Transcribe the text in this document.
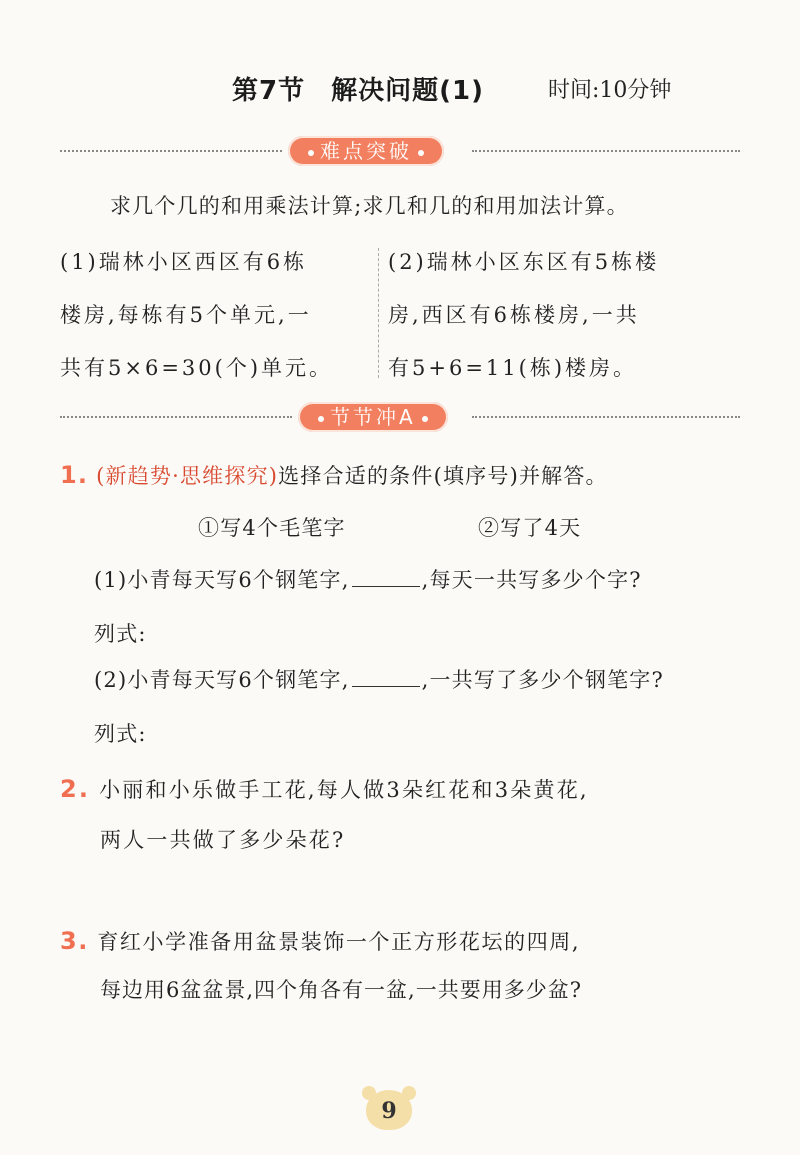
第7节 解决问题(1)	时间:10分钟
难点突破
求几个几的和用乘法计算;求几和几的和用加法计算。
(1)瑞林小区西区有6栋
楼房,每栋有5个单元,一
共有5×6=30(个)单元。
(2)瑞林小区东区有5栋楼
房,西区有6栋楼房,一共
有5+6=11(栋)楼房。
节节冲A
1. (新趋势·思维探究)选择合适的条件(填序号)并解答。
①写4个毛笔字	②写了4天
(1)小青每天写6个钢笔字,	,每天一共写多少个字?
列式:
(2)小青每天写6个钢笔字,	,一共写了多少个钢笔字?
列式:
2. 小丽和小乐做手工花,每人做3朵红花和3朵黄花,
两人一共做了多少朵花?
3. 育红小学准备用盆景装饰一个正方形花坛的四周,
每边用6盆盆景,四个角各有一盆,一共要用多少盆?
9
